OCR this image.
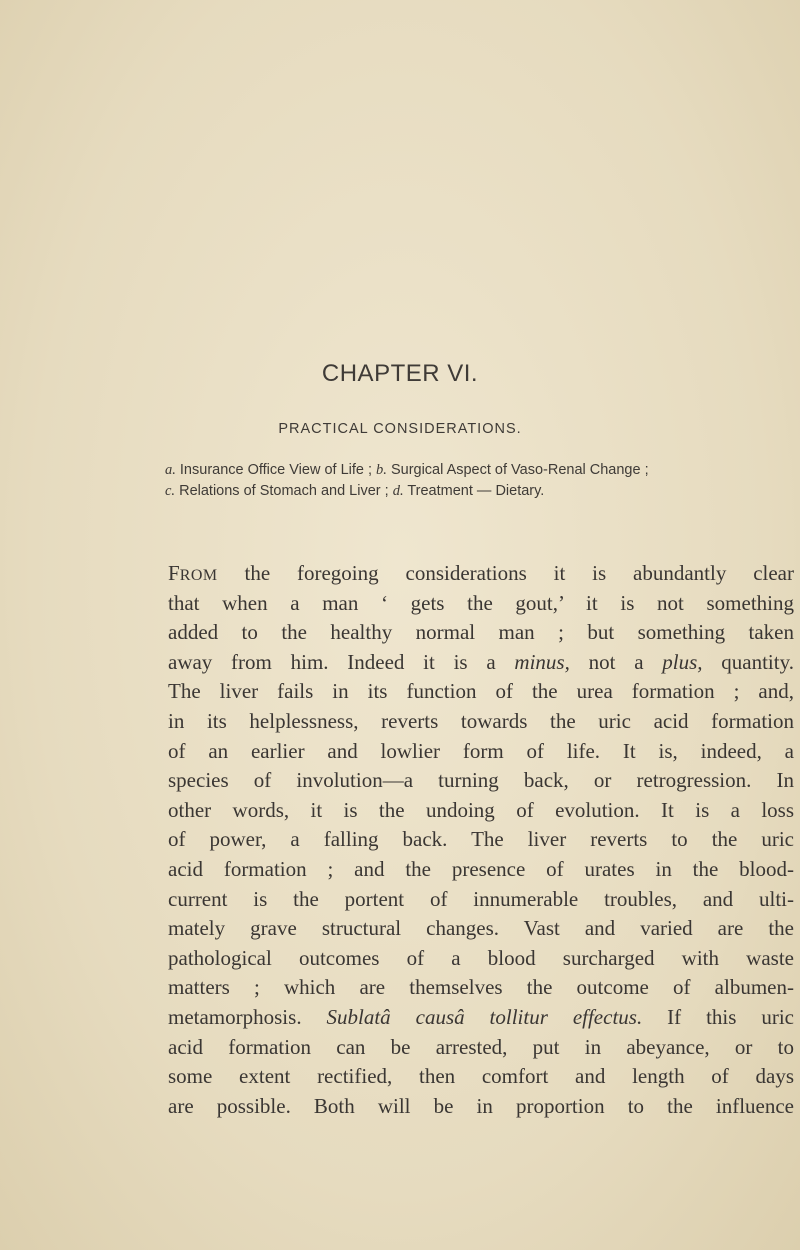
CHAPTER VI.
PRACTICAL CONSIDERATIONS.
a. Insurance Office View of Life ; b. Surgical Aspect of Vaso-Renal Change ;
c. Relations of Stomach and Liver ; d. Treatment — Dietary.
FROM the foregoing considerations it is abundantly clear
that when a man ‘ gets the gout,’ it is not something
added to the healthy normal man ; but something taken
away from him. Indeed it is a minus, not a plus, quantity.
The liver fails in its function of the urea formation ; and,
in its helplessness, reverts towards the uric acid formation
of an earlier and lowlier form of life. It is, indeed, a
species of involution—a turning back, or retrogression. In
other words, it is the undoing of evolution. It is a loss
of power, a falling back. The liver reverts to the uric
acid formation ; and the presence of urates in the blood-
current is the portent of innumerable troubles, and ulti-
mately grave structural changes. Vast and varied are the
pathological outcomes of a blood surcharged with waste
matters ; which are themselves the outcome of albumen-
metamorphosis. Sublatâ causâ tollitur effectus. If this uric
acid formation can be arrested, put in abeyance, or to
some extent rectified, then comfort and length of days
are possible. Both will be in proportion to the influence
